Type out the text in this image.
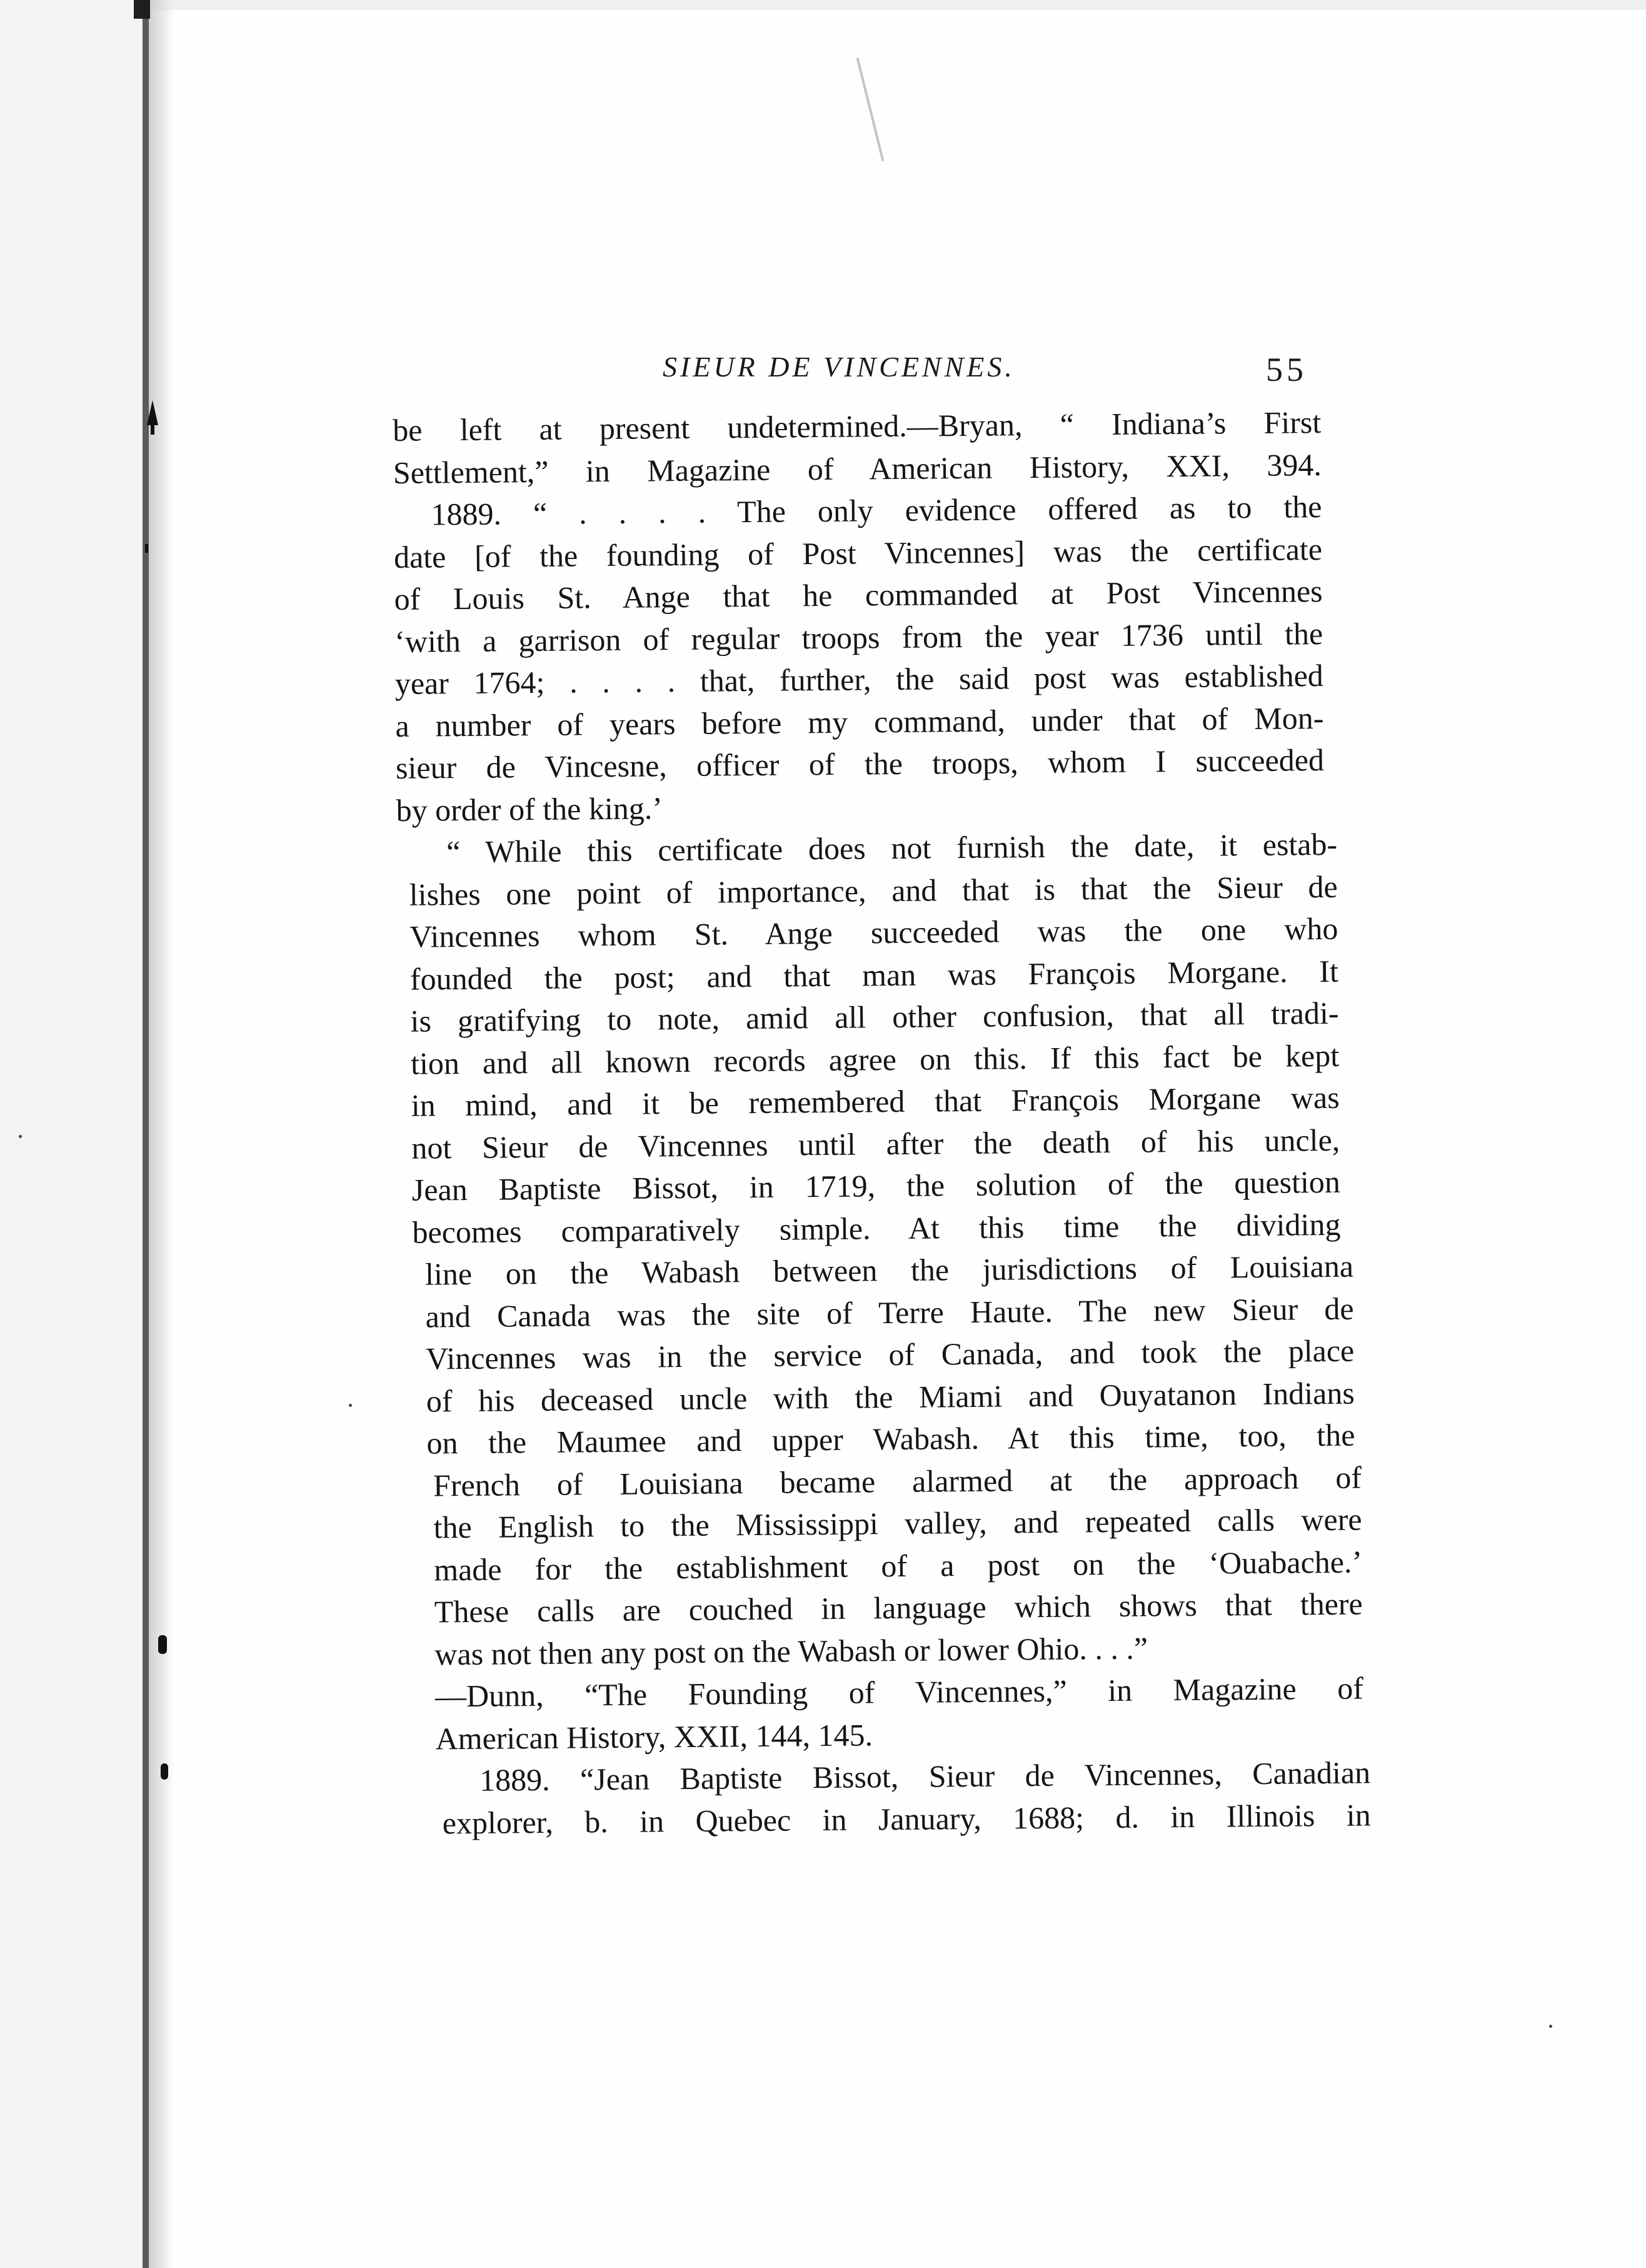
SIEUR DE VINCENNES.	55
be left at present undetermined.—Bryan, “ Indiana’s First
Settlement,” in Magazine of American History, XXI, 394.
1889. “ . . . . The only evidence offered as to the
date [of the founding of Post Vincennes] was the certificate
of Louis St. Ange that he commanded at Post Vincennes
‘with a garrison of regular troops from the year 1736 until the
year 1764; . . . . that, further, the said post was established
a number of years before my command, under that of Mon-
sieur de Vincesne, officer of the troops, whom I succeeded
by order of the king.’
“ While this certificate does not furnish the date, it estab-
lishes one point of importance, and that is that the Sieur de
Vincennes whom St. Ange succeeded was the one who
founded the post; and that man was François Morgane. It
is gratifying to note, amid all other confusion, that all tradi-
tion and all known records agree on this. If this fact be kept
in mind, and it be remembered that François Morgane was
not Sieur de Vincennes until after the death of his uncle,
Jean Baptiste Bissot, in 1719, the solution of the question
becomes comparatively simple. At this time the dividing
line on the Wabash between the jurisdictions of Louisiana
and Canada was the site of Terre Haute. The new Sieur de
Vincennes was in the service of Canada, and took the place
of his deceased uncle with the Miami and Ouyatanon Indians
on the Maumee and upper Wabash. At this time, too, the
French of Louisiana became alarmed at the approach of
the English to the Mississippi valley, and repeated calls were
made for the establishment of a post on the ‘Ouabache.’
These calls are couched in language which shows that there
was not then any post on the Wabash or lower Ohio. . . .”
—Dunn, “The Founding of Vincennes,” in Magazine of
American History, XXII, 144, 145.
1889. “Jean Baptiste Bissot, Sieur de Vincennes, Canadian
explorer, b. in Quebec in January, 1688; d. in Illinois in
